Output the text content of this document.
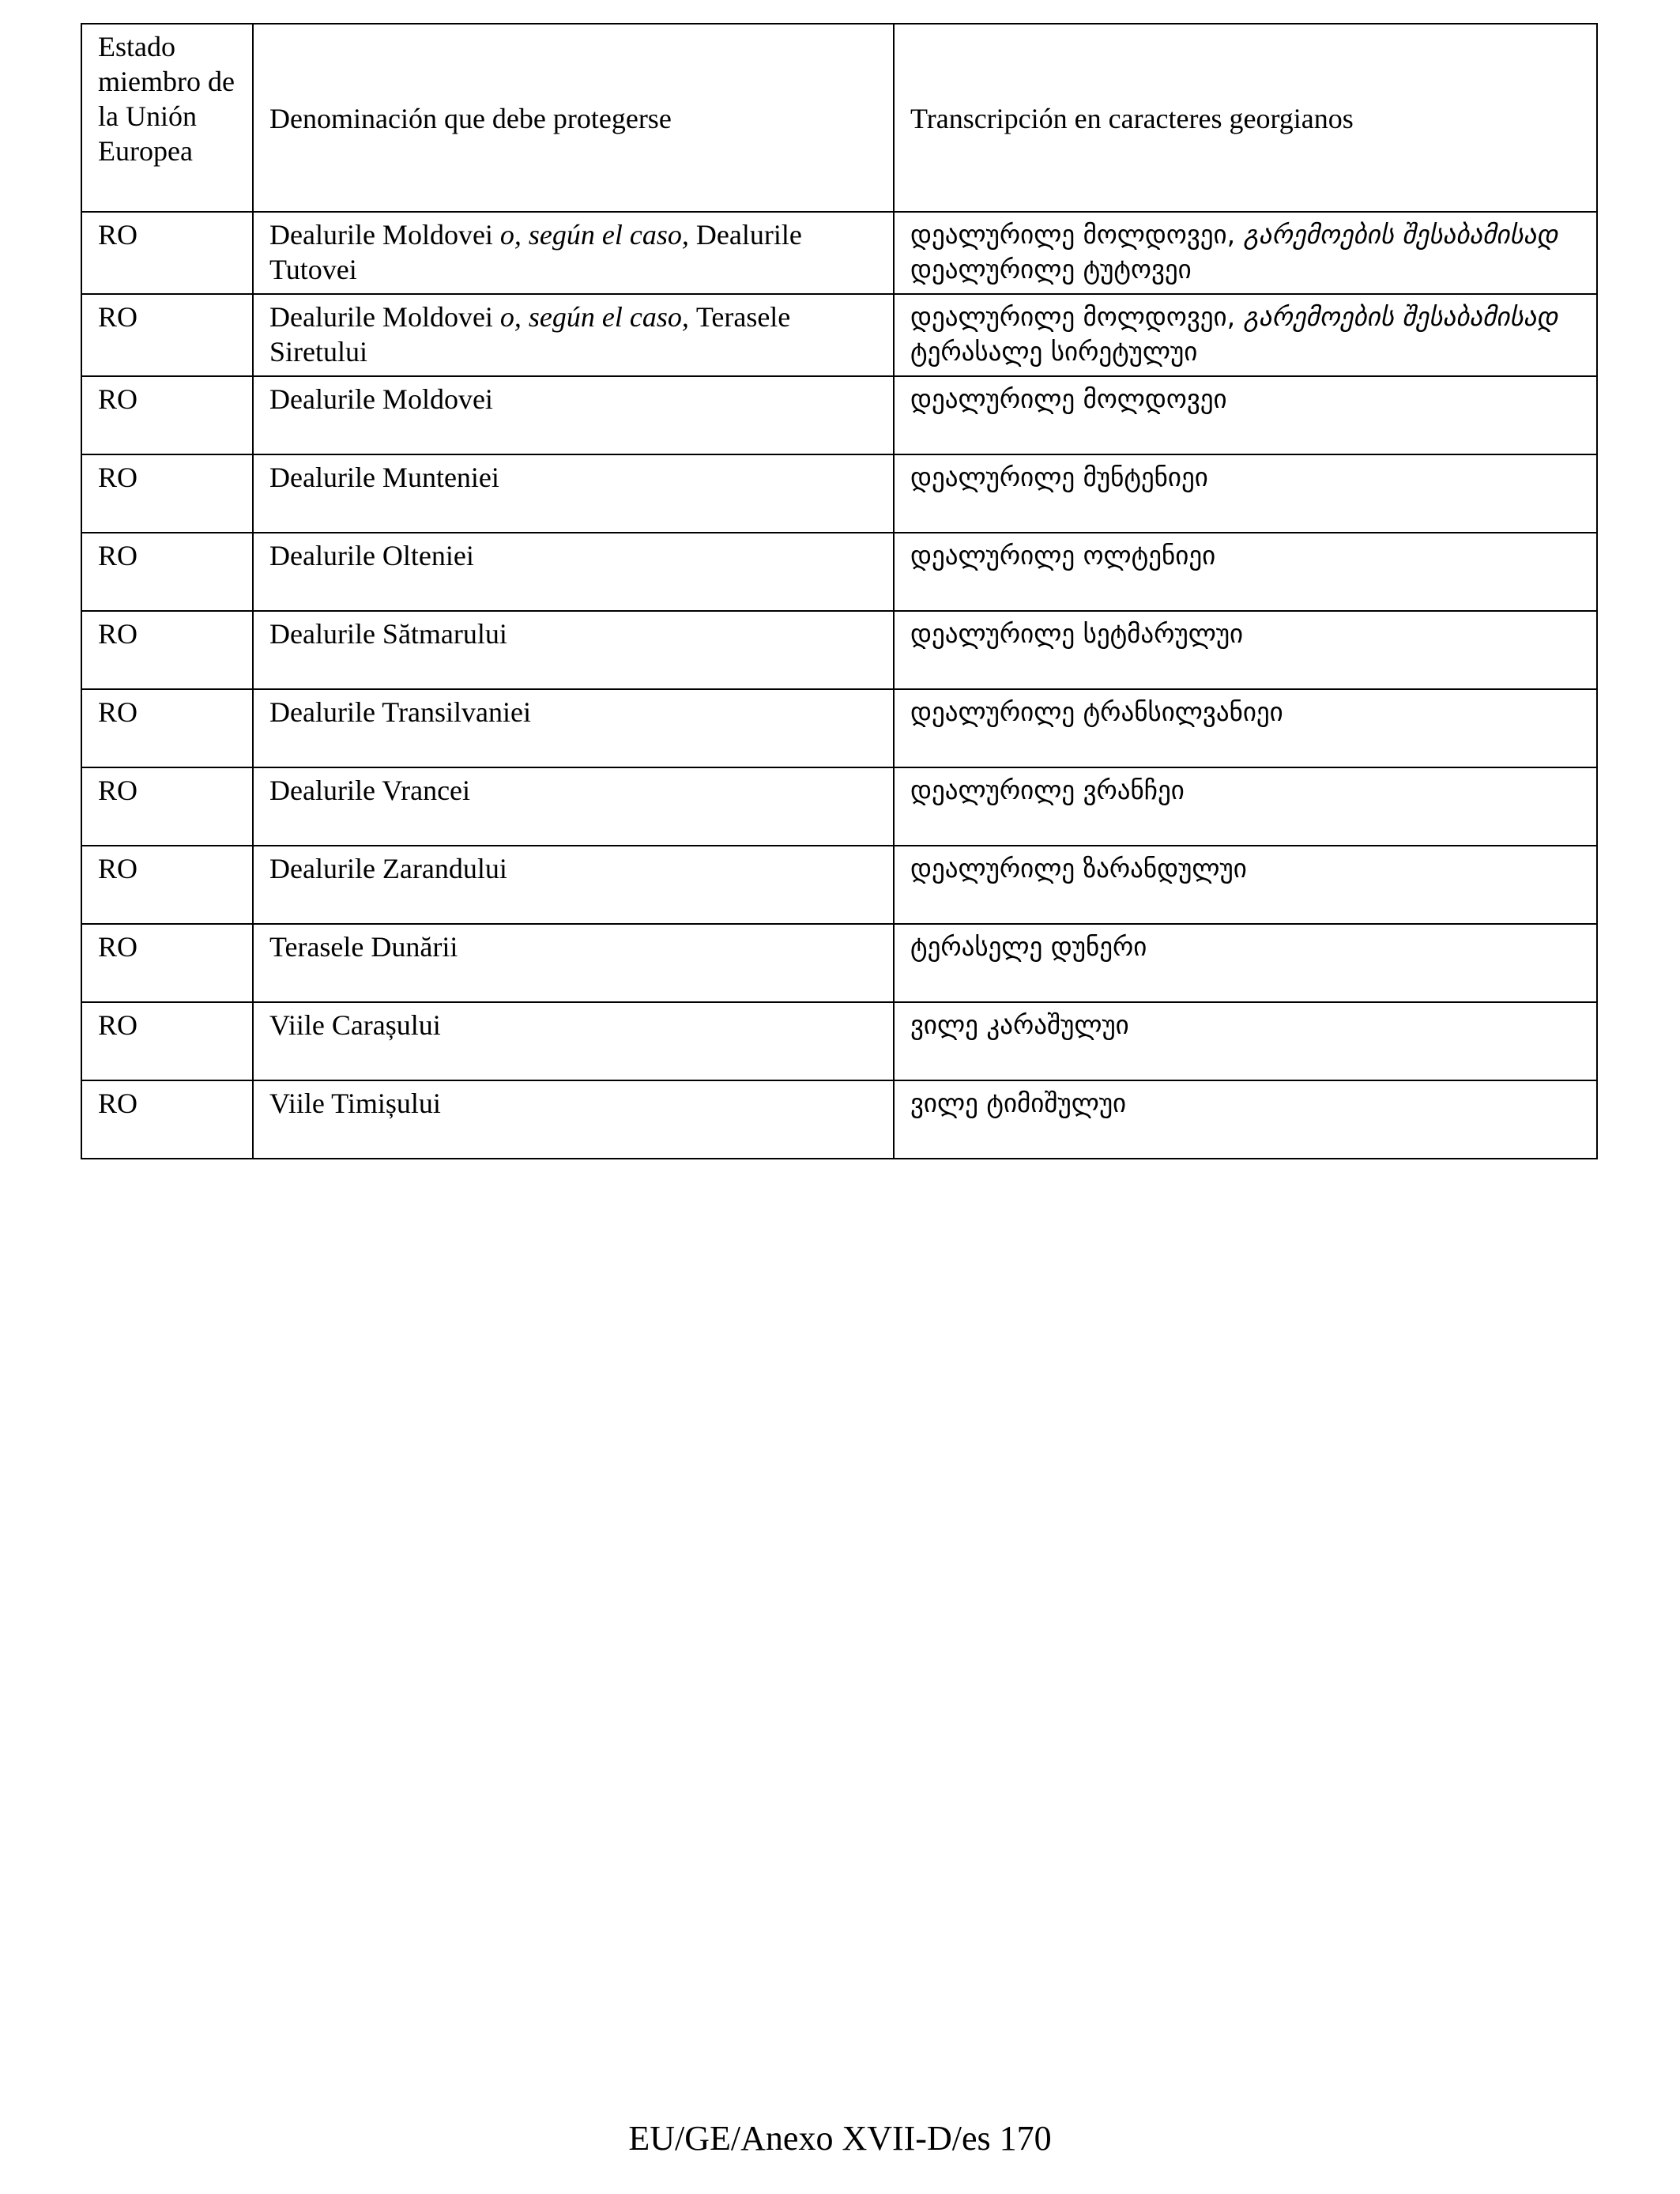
Estado miembro de la Unión Europea	Denominación que debe protegerse	Transcripción en caracteres georgianos
RO	Dealurile Moldovei o, según el caso, Dealurile Tutovei	დეალურილე მოლდოვეი, გარემოების შესაბამისად დეალურილე ტუტოვეი
RO	Dealurile Moldovei o, según el caso, Terasele Siretului	დეალურილე მოლდოვეი, გარემოების შესაბამისად ტერასალე სირეტულუი
RO	Dealurile Moldovei	დეალურილე მოლდოვეი
RO	Dealurile Munteniei	დეალურილე მუნტენიეი
RO	Dealurile Olteniei	დეალურილე ოლტენიეი
RO	Dealurile Sătmarului	დეალურილე სეტმარულუი
RO	Dealurile Transilvaniei	დეალურილე ტრანსილვანიეი
RO	Dealurile Vrancei	დეალურილე ვრანჩეი
RO	Dealurile Zarandului	დეალურილე ზარანდულუი
RO	Terasele Dunării	ტერასელე დუნერი
RO	Viile Carașului	ვილე კარაშულუი
RO	Viile Timișului	ვილე ტიმიშულუი
EU/GE/Anexo XVII-D/es 170
